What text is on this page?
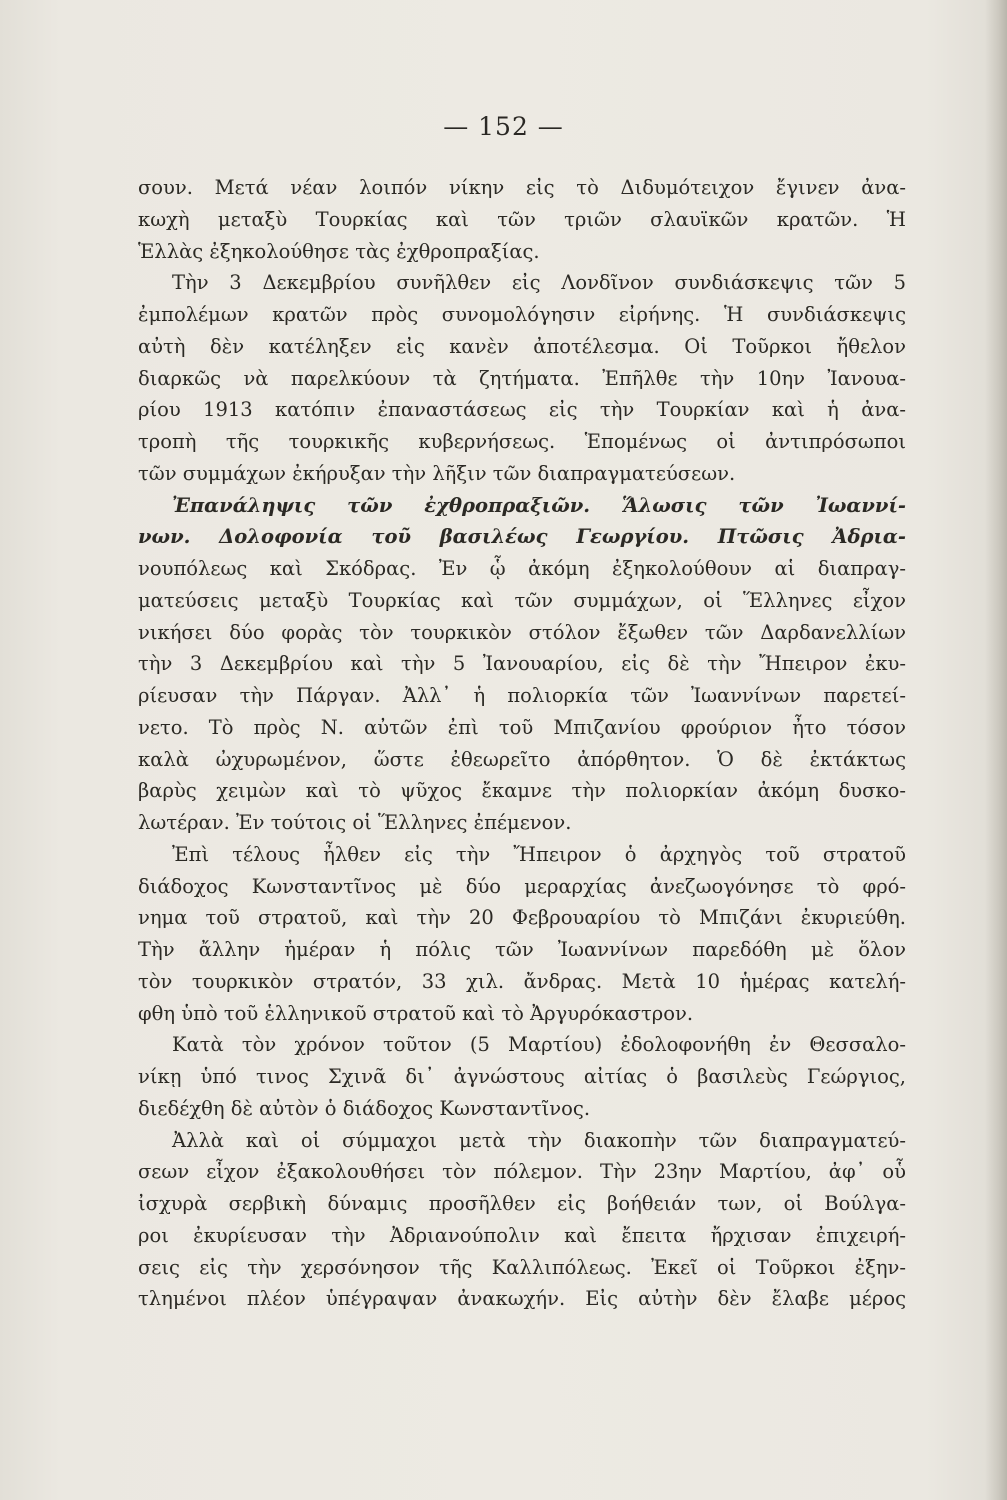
— 152 —
σουν. Μετά νέαν λοιπόν νίκην εἰς τὸ Διδυμότειχον ἔγινεν ἀνα-
κωχὴ μεταξὺ Τουρκίας καὶ τῶν τριῶν σλαυϊκῶν κρατῶν. Ἡ
Ἑλλὰς ἐξηκολούθησε τὰς ἐχθροπραξίας.
Τὴν 3 Δεκεμβρίου συνῆλθεν εἰς Λονδῖνον συνδιάσκεψις τῶν 5
ἐμπολέμων κρατῶν πρὸς συνομολόγησιν εἰρήνης. Ἡ συνδιάσκεψις
αὐτὴ δὲν κατέληξεν εἰς κανὲν ἀποτέλεσμα. Οἱ Τοῦρκοι ἤθελον
διαρκῶς νὰ παρελκύουν τὰ ζητήματα. Ἐπῆλθε τὴν 10ην Ἰανουα-
ρίου 1913 κατόπιν ἐπαναστάσεως εἰς τὴν Τουρκίαν καὶ ἡ ἀνα-
τροπὴ τῆς τουρκικῆς κυβερνήσεως. Ἑπομένως οἱ ἀντιπρόσωποι
τῶν συμμάχων ἐκήρυξαν τὴν λῆξιν τῶν διαπραγματεύσεων.
Ἐπανάληψις τῶν ἐχθροπραξιῶν. Ἅλωσις τῶν Ἰωαννί-
νων. Δολοφονία τοῦ βασιλέως Γεωργίου. Πτῶσις Ἀδρια-
νουπόλεως καὶ Σκόδρας. Ἐν ᾧ ἀκόμη ἐξηκολούθουν αἱ διαπραγ-
ματεύσεις μεταξὺ Τουρκίας καὶ τῶν συμμάχων, οἱ Ἕλληνες εἶχον
νικήσει δύο φορὰς τὸν τουρκικὸν στόλον ἔξωθεν τῶν Δαρδανελλίων
τὴν 3 Δεκεμβρίου καὶ τὴν 5 Ἰανουαρίου, εἰς δὲ τὴν Ἤπειρον ἐκυ-
ρίευσαν τὴν Πάργαν. Ἀλλ᾽ ἡ πολιορκία τῶν Ἰωαννίνων παρετεί-
νετο. Τὸ πρὸς Ν. αὐτῶν ἐπὶ τοῦ Μπιζανίου φρούριον ἦτο τόσον
καλὰ ὠχυρωμένον, ὥστε ἐθεωρεῖτο ἀπόρθητον. Ὁ δὲ ἐκτάκτως
βαρὺς χειμὼν καὶ τὸ ψῦχος ἔκαμνε τὴν πολιορκίαν ἀκόμη δυσκο-
λωτέραν. Ἐν τούτοις οἱ Ἕλληνες ἐπέμενον.
Ἐπὶ τέλους ἦλθεν εἰς τὴν Ἤπειρον ὁ ἀρχηγὸς τοῦ στρατοῦ
διάδοχος Κωνσταντῖνος μὲ δύο μεραρχίας ἀνεζωογόνησε τὸ φρό-
νημα τοῦ στρατοῦ, καὶ τὴν 20 Φεβρουαρίου τὸ Μπιζάνι ἐκυριεύθη.
Τὴν ἄλλην ἡμέραν ἡ πόλις τῶν Ἰωαννίνων παρεδόθη μὲ ὅλον
τὸν τουρκικὸν στρατόν, 33 χιλ. ἄνδρας. Μετὰ 10 ἡμέρας κατελή-
φθη ὑπὸ τοῦ ἑλληνικοῦ στρατοῦ καὶ τὸ Ἀργυρόκαστρον.
Κατὰ τὸν χρόνον τοῦτον (5 Μαρτίου) ἐδολοφονήθη ἐν Θεσσαλο-
νίκῃ ὑπό τινος Σχινᾶ δι᾽ ἀγνώστους αἰτίας ὁ βασιλεὺς Γεώργιος,
διεδέχθη δὲ αὐτὸν ὁ διάδοχος Κωνσταντῖνος.
Ἀλλὰ καὶ οἱ σύμμαχοι μετὰ τὴν διακοπὴν τῶν διαπραγματεύ-
σεων εἶχον ἐξακολουθήσει τὸν πόλεμον. Τὴν 23ην Μαρτίου, ἀφ᾽ οὗ
ἰσχυρὰ σερβικὴ δύναμις προσῆλθεν εἰς βοήθειάν των, οἱ Βούλγα-
ροι ἐκυρίευσαν τὴν Ἀδριανούπολιν καὶ ἔπειτα ἤρχισαν ἐπιχειρή-
σεις εἰς τὴν χερσόνησον τῆς Καλλιπόλεως. Ἐκεῖ οἱ Τοῦρκοι ἐξην-
τλημένοι πλέον ὑπέγραψαν ἀνακωχήν. Εἰς αὐτὴν δὲν ἔλαβε μέρος
